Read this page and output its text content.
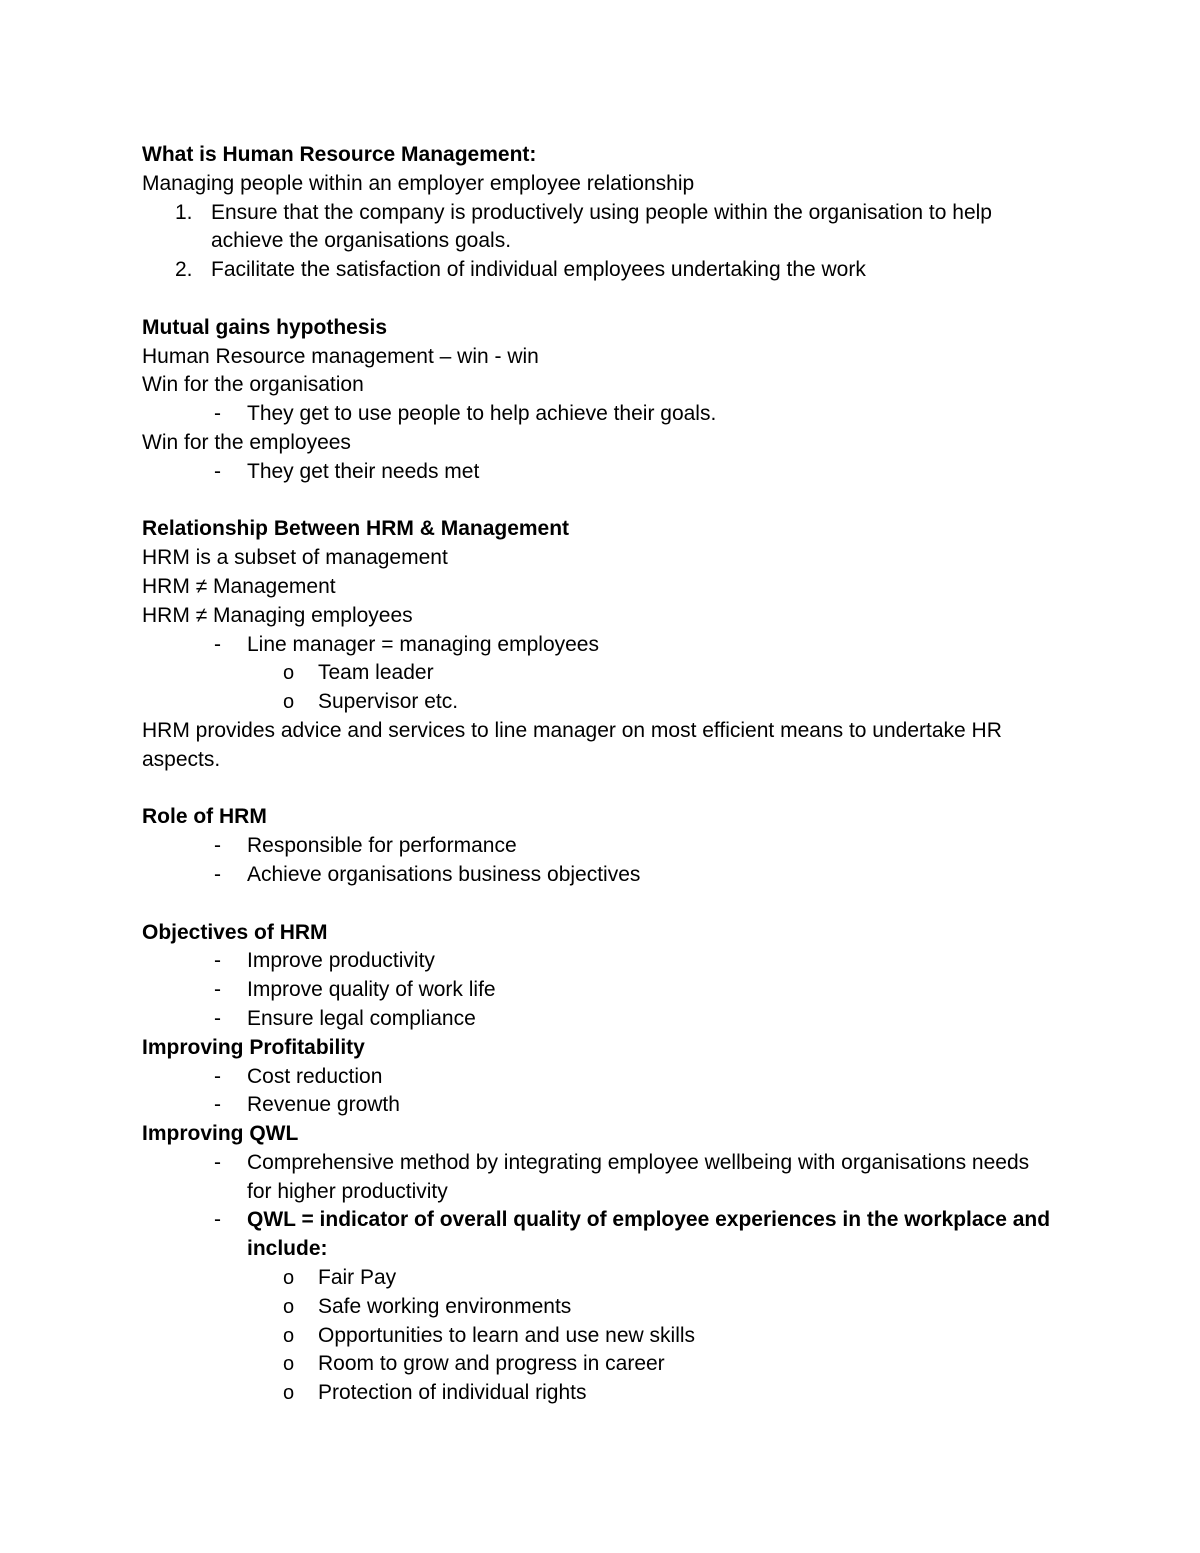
What is Human Resource Management:
Managing people within an employer employee relationship
1. Ensure that the company is productively using people within the organisation to help
achieve the organisations goals.
2. Facilitate the satisfaction of individual employees undertaking the work
Mutual gains hypothesis
Human Resource management – win - win
Win for the organisation
- They get to use people to help achieve their goals.
Win for the employees
- They get their needs met
Relationship Between HRM & Management
HRM is a subset of management
HRM ≠ Management
HRM ≠ Managing employees
- Line manager = managing employees
o Team leader
o Supervisor etc.
HRM provides advice and services to line manager on most efficient means to undertake HR
aspects.
Role of HRM
- Responsible for performance
- Achieve organisations business objectives
Objectives of HRM
- Improve productivity
- Improve quality of work life
- Ensure legal compliance
Improving Profitability
- Cost reduction
- Revenue growth
Improving QWL
- Comprehensive method by integrating employee wellbeing with organisations needs
for higher productivity
- QWL = indicator of overall quality of employee experiences in the workplace and
include:
o Fair Pay
o Safe working environments
o Opportunities to learn and use new skills
o Room to grow and progress in career
o Protection of individual rights
